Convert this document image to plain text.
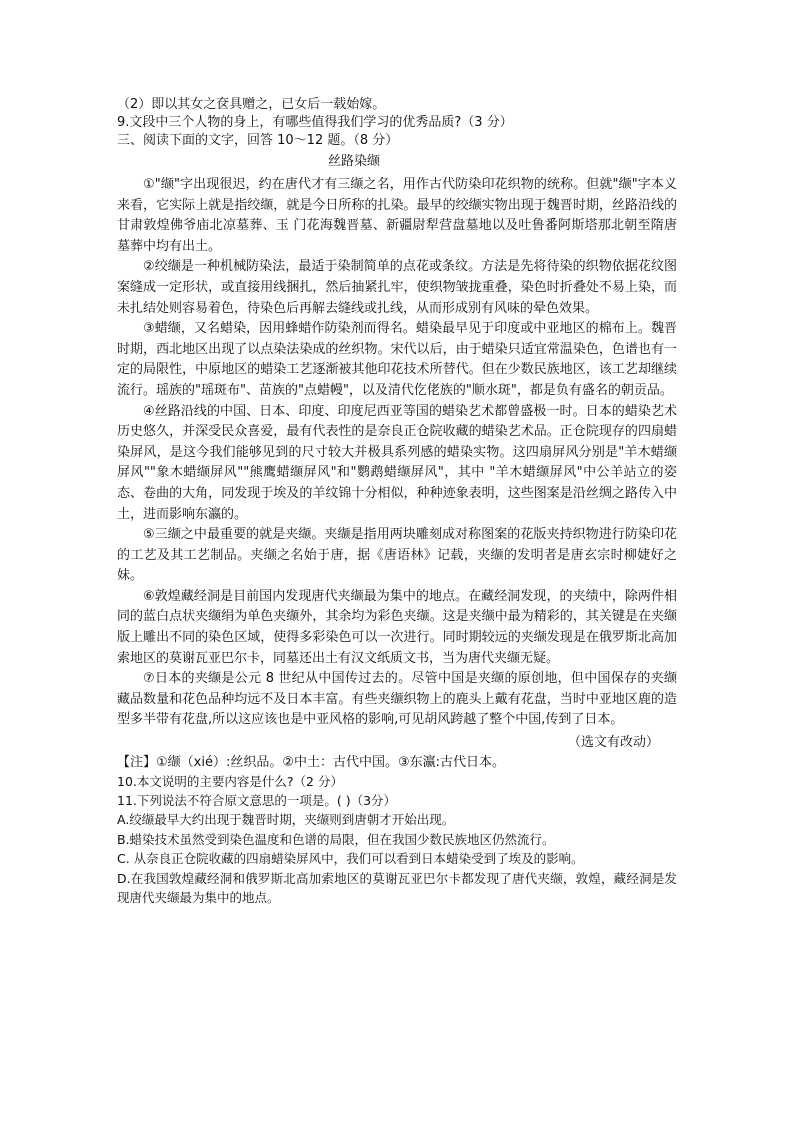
（2）即以其女之奁具赠之，已女后一载始嫁。

9.文段中三个人物的身上，有哪些值得我们学习的优秀品质?（3 分）

三、阅读下面的文字，回答 10～12 题。（8 分）

丝路染缬

①"缬"字出现很迟，约在唐代才有三缬之名，用作古代防染印花织物的统称。但就"缬"字本义来看，它实际上就是指绞缬，就是今日所称的扎染。最早的绞缬实物出现于魏晋时期，丝路沿线的甘肃敦煌佛爷庙北凉墓葬、玉 门花海魏晋墓、新疆尉犁营盘墓地以及吐鲁番阿斯塔那北朝至隋唐墓葬中均有出土。

②绞缬是一种机械防染法，最适于染制简单的点花或条纹。方法是先将待染的织物依据花纹图案缝成一定形状，或直接用线捆扎，然后抽紧扎牢，使织物皱拢重叠，染色时折叠处不易上染，而未扎结处则容易着色，待染色后再解去缝线或扎线，从而形成别有风味的晕色效果。

③蜡缬，又名蜡染，因用蜂蜡作防染剂而得名。蜡染最早见于印度或中亚地区的棉布上。魏晋时期，西北地区出现了以点染法染成的丝织物。宋代以后，由于蜡染只适宜常温染色，色谱也有一定的局限性，中原地区的蜡染工艺逐渐被其他印花技术所替代。但在少数民族地区，该工艺却继续流行。瑶族的"瑶斑布"、苗族的"点蜡幔"，以及清代仡佬族的"顺水斑"，都是负有盛名的朝贡品。

④丝路沿线的中国、日本、印度、印度尼西亚等国的蜡染艺术都曾盛极一时。日本的蜡染艺术历史悠久，并深受民众喜爱，最有代表性的是奈良正仓院收藏的蜡染艺术品。正仓院现存的四扇蜡染屏风，是这今我们能够见到的尺寸较大并极具系列感的蜡染实物。这四扇屏风分别是"羊木蜡缬屏风""象木蜡缬屏风""熊鹰蜡缬屏风"和"鹦鹉蜡缬屏风"，其中 "羊木蜡缬屏风"中公羊站立的姿态、卷曲的大角，同发现于埃及的羊纹锦十分相似，种种迹象表明，这些图案是沿丝绸之路传入中土，进而影响东瀛的。

⑤三缬之中最重要的就是夹缬。夹缬是指用两块雕刻成对称图案的花版夹持织物进行防染印花的工艺及其工艺制品。夹缬之名始于唐，据《唐语林》记载，夹缬的发明者是唐玄宗时柳婕好之妹。

⑥敦煌藏经洞是目前国内发现唐代夹缬最为集中的地点。在藏经洞发现，的夹绩中，除两件相同的蓝白点状夹缬绢为单色夹缬外，其余均为彩色夹缬。这是夹缬中最为精彩的，其关键是在夹缬版上雕出不同的染色区域，使得多彩染色可以一次进行。同时期较远的夹缬发现是在俄罗斯北高加索地区的莫谢瓦亚巴尔卡，同墓还出土有汉文纸质文书，当为唐代夹缬无疑。

⑦日本的夹缬是公元 8 世纪从中国传过去的。尽管中国是夹缬的原创地，但中国保存的夹缬藏品数量和花色品种均远不及日本丰富。有些夹缬织物上的鹿头上戴有花盘，当时中亚地区鹿的造型多半带有花盘,所以这应该也是中亚风格的影响,可见胡风跨越了整个中国,传到了日本。

（选文有改动）

【注】①缬（xié）:丝织品。②中土：古代中国。③东瀛:古代日本。

10.本文说明的主要内容是什么?（2 分）

11.下列说法不符合原文意思的一项是。( )（3分）

A.绞缬最早大约出现于魏晋时期，夹缬则到唐朝才开始出现。

B.蜡染技术虽然受到染色温度和色谱的局限，但在我国少数民族地区仍然流行。

C. 从奈良正仓院收藏的四扇蜡染屏风中，我们可以看到日本蜡染受到了埃及的影响。

D.在我国敦煌藏经洞和俄罗斯北高加索地区的莫谢瓦亚巴尔卡都发现了唐代夹缬，敦煌，藏经洞是发现唐代夹缬最为集中的地点。
